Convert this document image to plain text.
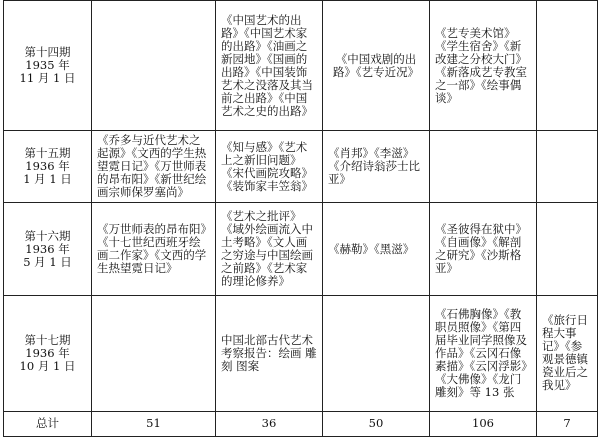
第十四期
1935 年
11 月 1 日		《中国艺术的出路》《中国艺术家的出路》《油画之新园地》《国画的出路》《中国装饰艺术之没落及其当前之出路》《中国艺术之史的出路》	《中国戏剧的出路》《艺专近况》	《艺专美术馆》《学生宿舍》《新改建之分校大门》《新落成艺专教室之一部》《绘事偶谈》	

第十五期
1936 年
1 月 1 日	《乔多与近代艺术之起源》《文西的学生热望霓日记》《万世师表的昂布阳》《新世纪绘画宗师保罗塞尚》	《知与感》《艺术上之新旧问题》《宋代画院攻略》《装饰家丰笠翁》	《肖邦》《李滋》《介绍诗翁莎士比亚》		

第十六期
1936 年
5 月 1 日	《万世师表的昂布阳》《十七世纪西班牙绘画二作家》《文西的学生热望霓日记》	《艺术之批评》《域外绘画流入中土考略》《文人画之穷途与中国绘画之前路》《艺术家的理论修养》	《赫勒》《黑滋》	《圣彼得在狱中》《自画像》《解剖之研究》《沙斯格亚》	

第十七期
1936 年
10 月 1 日		中国北部古代艺术考察报告：绘画 雕刻 图案		《石佛胸像》《教职员照像》《第四届毕业同学照像及作品》《云冈石像素描》《云冈浮影》《大佛像》《龙门雕刻》等 13 张	《旅行日程大事记》《参观景德镇瓷业后之我见》
总计	51	36	50	106	7
